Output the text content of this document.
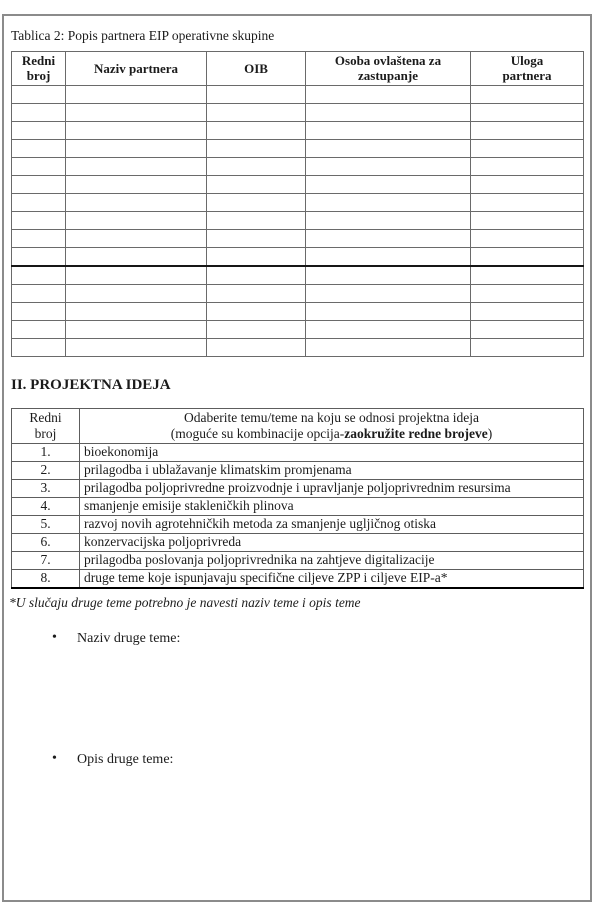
Tablica 2: Popis partnera EIP operativne skupine
Redni broj	Naziv partnera	OIB	Osoba ovlaštena za zastupanje	Uloga partnera

II. PROJEKTNA IDEJA
Redni broj	Odaberite temu/teme na koju se odnosi projektna ideja
(moguće su kombinacije opcija-zaokružite redne brojeve)
1.	bioekonomija
2.	prilagodba i ublažavanje klimatskim promjenama
3.	prilagodba poljoprivredne proizvodnje i upravljanje poljoprivrednim resursima
4.	smanjenje emisije stakleničkih plinova
5.	razvoj novih agrotehničkih metoda za smanjenje ugljičnog otiska
6.	konzervacijska poljoprivreda
7.	prilagodba poslovanja poljoprivrednika na zahtjeve digitalizacije
8.	druge teme koje ispunjavaju specifične ciljeve ZPP i ciljeve EIP-a*
*U slučaju druge teme potrebno je navesti naziv teme i opis teme
• Naziv druge teme:
• Opis druge teme:
